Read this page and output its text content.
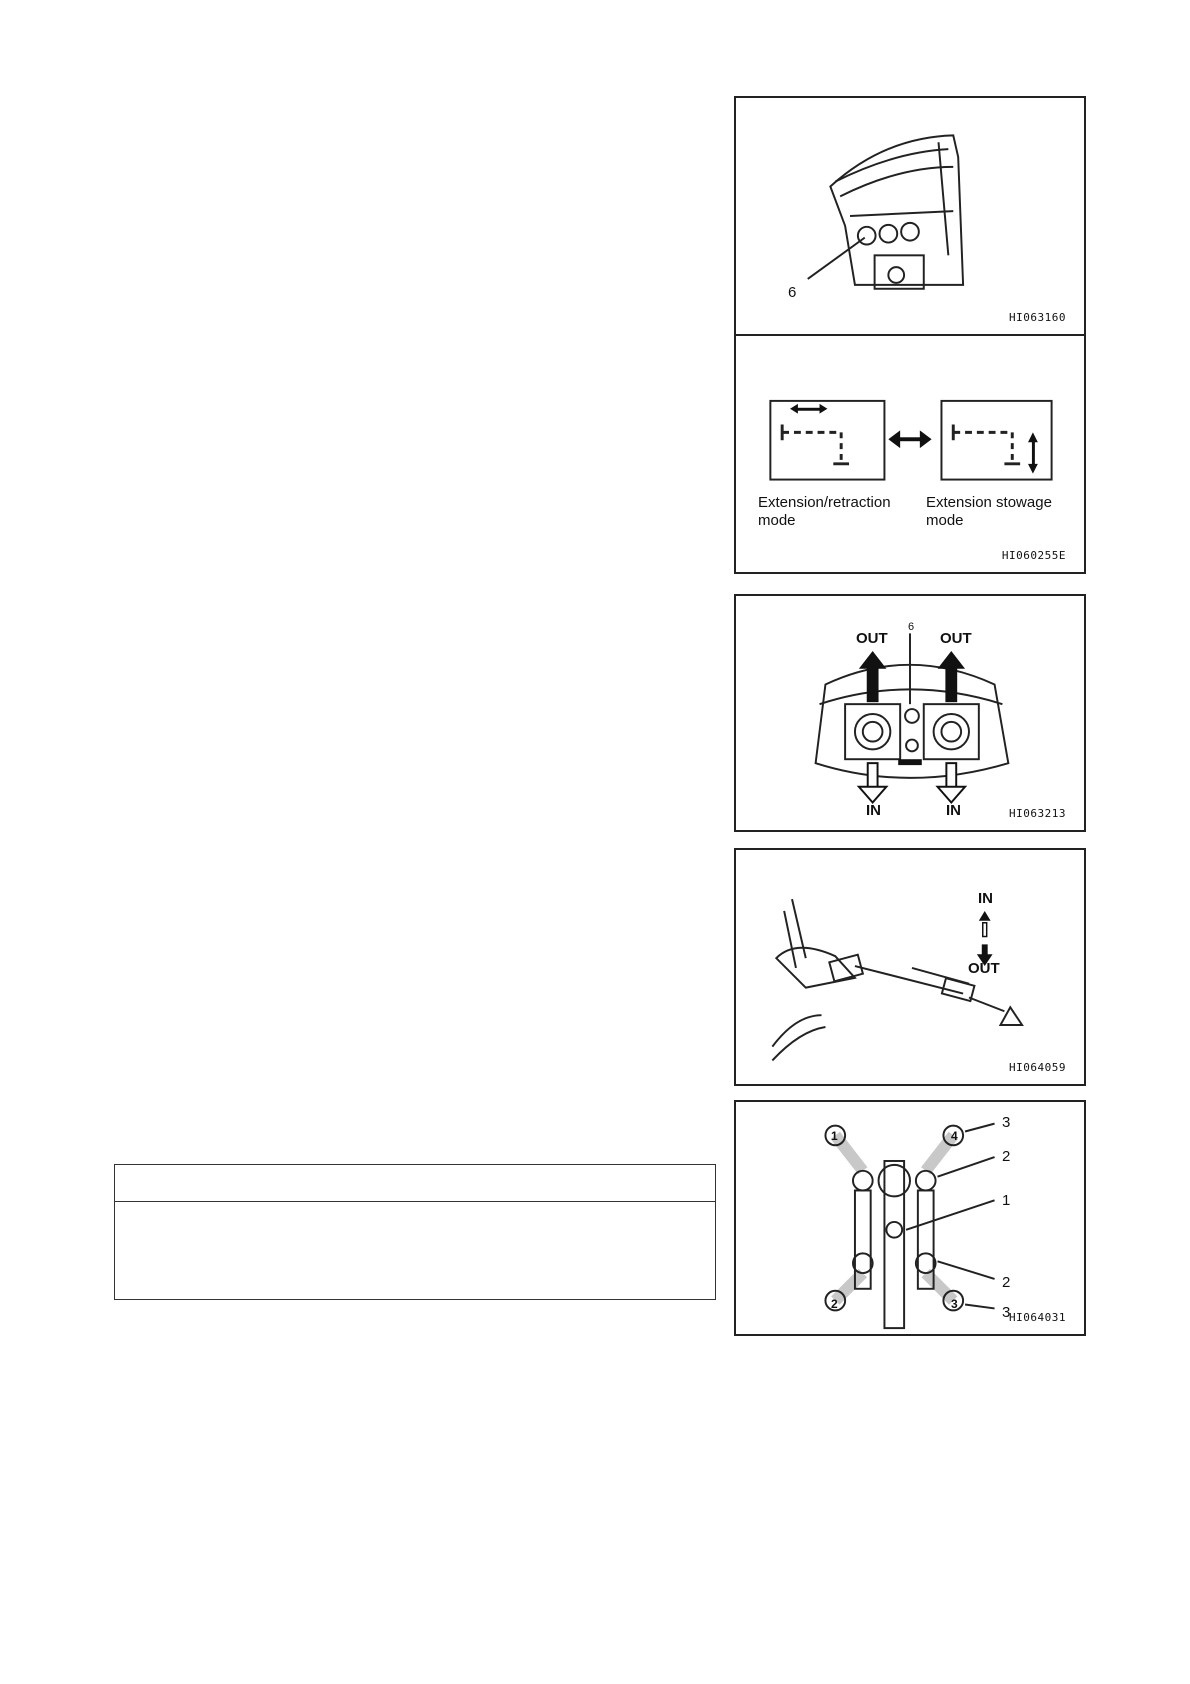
6
HI063160
Extension/retraction mode
Extension stowage mode
HI060255E
OUT	OUT
6
IN	IN	HI063213
IN
OUT
HI064059
1	4
2	3
3
2
1
2
3
HI064031
